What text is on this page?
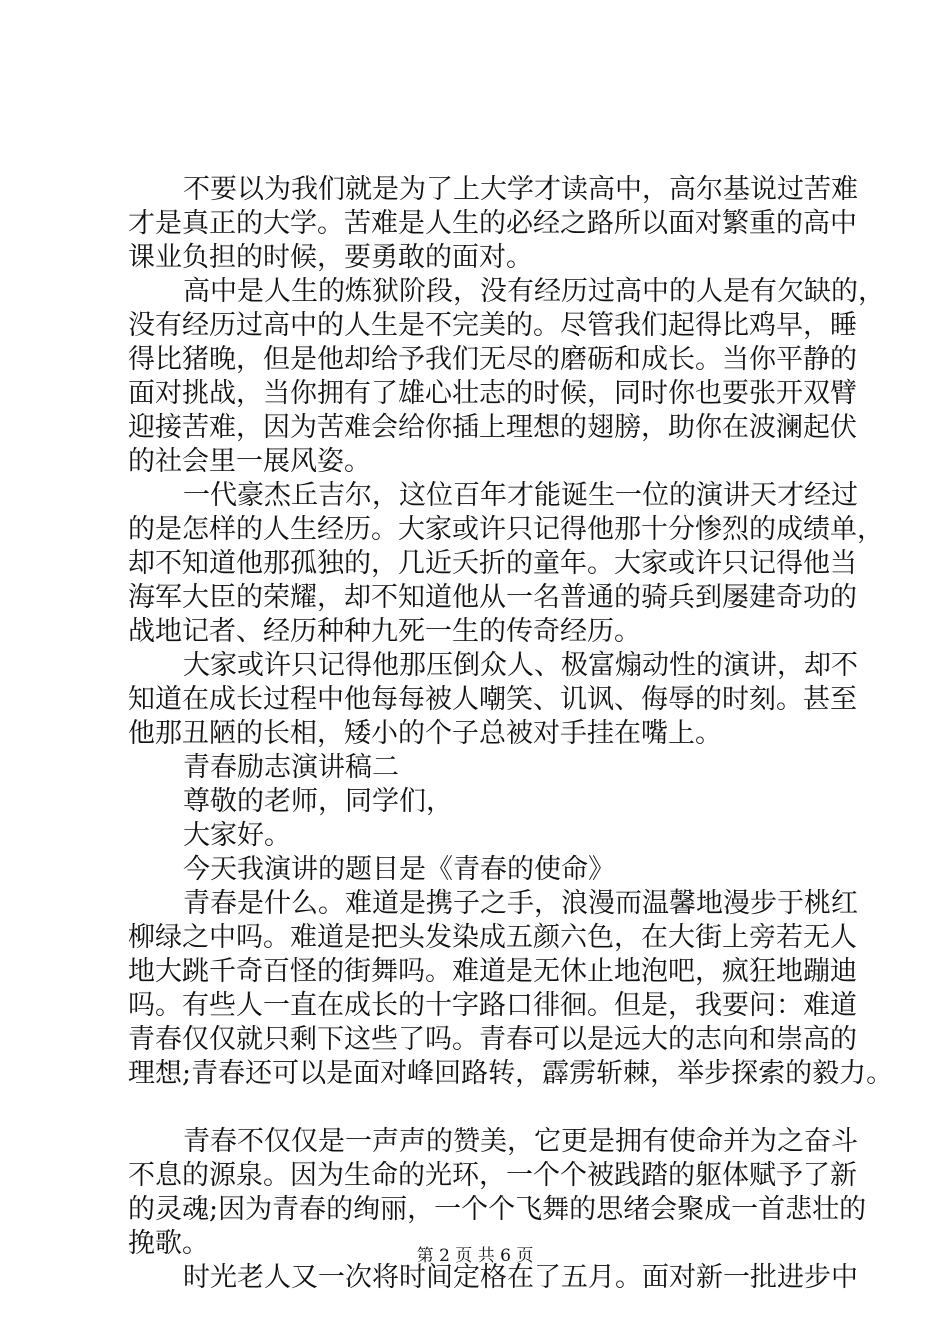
不要以为我们就是为了上大学才读高中，高尔基说过苦难
才是真正的大学。苦难是人生的必经之路所以面对繁重的高中
课业负担的时候，要勇敢的面对。
高中是人生的炼狱阶段，没有经历过高中的人是有欠缺的，
没有经历过高中的人生是不完美的。尽管我们起得比鸡早，睡
得比猪晚，但是他却给予我们无尽的磨砺和成长。当你平静的
面对挑战，当你拥有了雄心壮志的时候，同时你也要张开双臂
迎接苦难，因为苦难会给你插上理想的翅膀，助你在波澜起伏
的社会里一展风姿。
一代豪杰丘吉尔，这位百年才能诞生一位的演讲天才经过
的是怎样的人生经历。大家或许只记得他那十分惨烈的成绩单，
却不知道他那孤独的，几近夭折的童年。大家或许只记得他当
海军大臣的荣耀，却不知道他从一名普通的骑兵到屡建奇功的
战地记者、经历种种九死一生的传奇经历。
大家或许只记得他那压倒众人、极富煽动性的演讲，却不
知道在成长过程中他每每被人嘲笑、讥讽、侮辱的时刻。甚至
他那丑陋的长相，矮小的个子总被对手挂在嘴上。
青春励志演讲稿二
尊敬的老师，同学们，
大家好。
今天我演讲的题目是《青春的使命》
青春是什么。难道是携子之手，浪漫而温馨地漫步于桃红
柳绿之中吗。难道是把头发染成五颜六色，在大街上旁若无人
地大跳千奇百怪的街舞吗。难道是无休止地泡吧，疯狂地蹦迪
吗。有些人一直在成长的十字路口徘徊。但是，我要问：难道
青春仅仅就只剩下这些了吗。青春可以是远大的志向和崇高的
理想;青春还可以是面对峰回路转，霹雳斩棘，举步探索的毅力。
青春不仅仅是一声声的赞美，它更是拥有使命并为之奋斗
不息的源泉。因为生命的光环，一个个被践踏的躯体赋予了新
的灵魂;因为青春的绚丽，一个个飞舞的思绪会聚成一首悲壮的
挽歌。
时光老人又一次将时间定格在了五月。面对新一批进步中
第 2 页 共 6 页
